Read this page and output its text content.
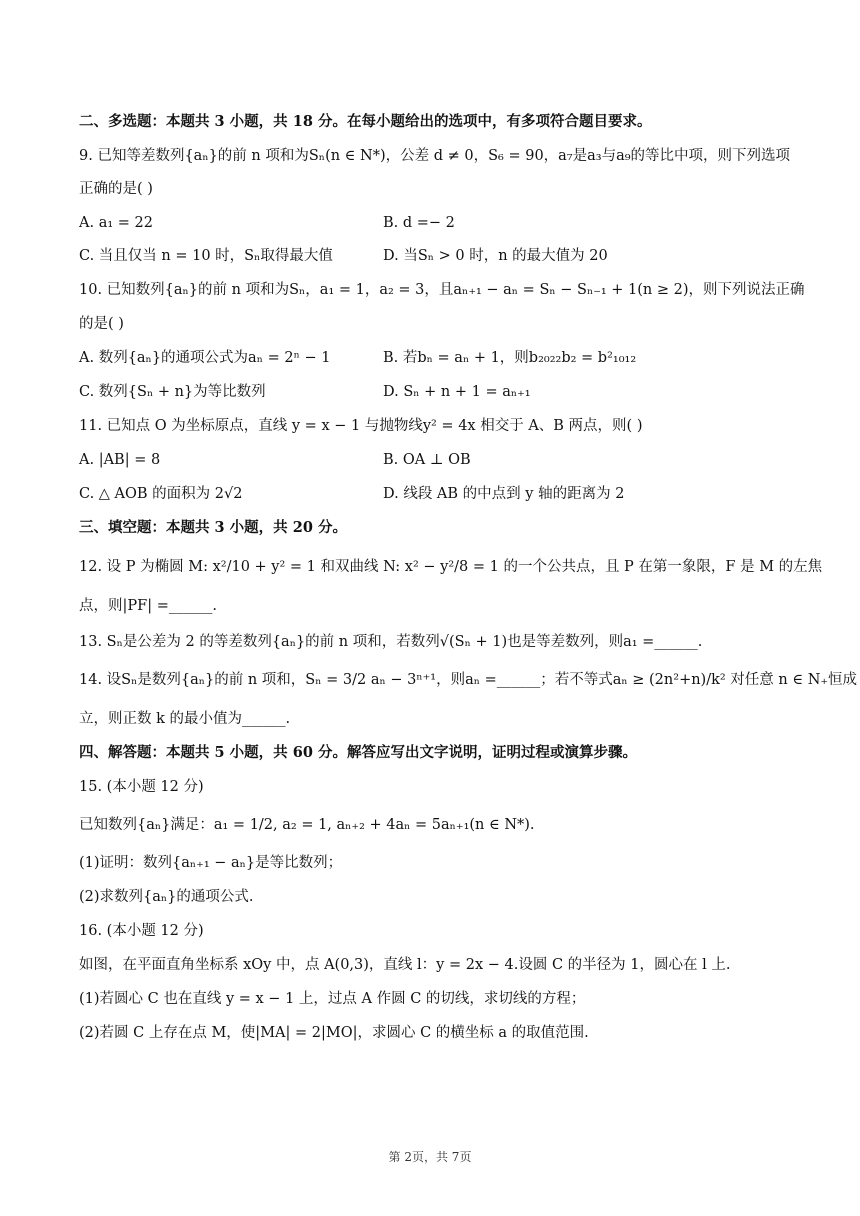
二、多选题：本题共 3 小题，共 18 分。在每小题给出的选项中，有多项符合题目要求。
9. 已知等差数列{aₙ}的前 n 项和为Sₙ(n ∈ N*)，公差 d ≠ 0，S₆ = 90，a₇是a₃与a₉的等比中项，则下列选项
正确的是( )
A. a₁ = 22	B. d =− 2
C. 当且仅当 n = 10 时，Sₙ取得最大值	D. 当Sₙ > 0 时，n 的最大值为 20
10. 已知数列{aₙ}的前 n 项和为Sₙ，a₁ = 1，a₂ = 3，且aₙ₊₁ − aₙ = Sₙ − Sₙ₋₁ + 1(n ≥ 2)，则下列说法正确
的是( )
A. 数列{aₙ}的通项公式为aₙ = 2ⁿ − 1	B. 若bₙ = aₙ + 1，则b₂₀₂₂b₂ = b²₁₀₁₂
C. 数列{Sₙ + n}为等比数列	D. Sₙ + n + 1 = aₙ₊₁
11. 已知点 O 为坐标原点，直线 y = x − 1 与抛物线y² = 4x 相交于 A、B 两点，则( )
A. |AB| = 8	B. OA ⊥ OB
C. △ AOB 的面积为 2√2	D. 线段 AB 的中点到 y 轴的距离为 2
三、填空题：本题共 3 小题，共 20 分。
12. 设 P 为椭圆 M: x²/10 + y² = 1 和双曲线 N: x² − y²/8 = 1 的一个公共点，且 P 在第一象限，F 是 M 的左焦
点，则|PF| =______.
13. Sₙ是公差为 2 的等差数列{aₙ}的前 n 项和，若数列√(Sₙ + 1)也是等差数列，则a₁ =______.
14. 设Sₙ是数列{aₙ}的前 n 项和，Sₙ = 3/2 aₙ − 3ⁿ⁺¹，则aₙ =______；若不等式aₙ ≥ (2n²+n)/k² 对任意 n ∈ N₊恒成
立，则正数 k 的最小值为______.
四、解答题：本题共 5 小题，共 60 分。解答应写出文字说明，证明过程或演算步骤。
15. (本小题 12 分)
已知数列{aₙ}满足：a₁ = 1/2, a₂ = 1, aₙ₊₂ + 4aₙ = 5aₙ₊₁(n ∈ N*).
(1)证明：数列{aₙ₊₁ − aₙ}是等比数列；
(2)求数列{aₙ}的通项公式.
16. (本小题 12 分)
如图，在平面直角坐标系 xOy 中，点 A(0,3)，直线 l：y = 2x − 4.设圆 C 的半径为 1，圆心在 l 上.
(1)若圆心 C 也在直线 y = x − 1 上，过点 A 作圆 C 的切线，求切线的方程；
(2)若圆 C 上存在点 M，使|MA| = 2|MO|，求圆心 C 的横坐标 a 的取值范围.
第 2页，共 7页
